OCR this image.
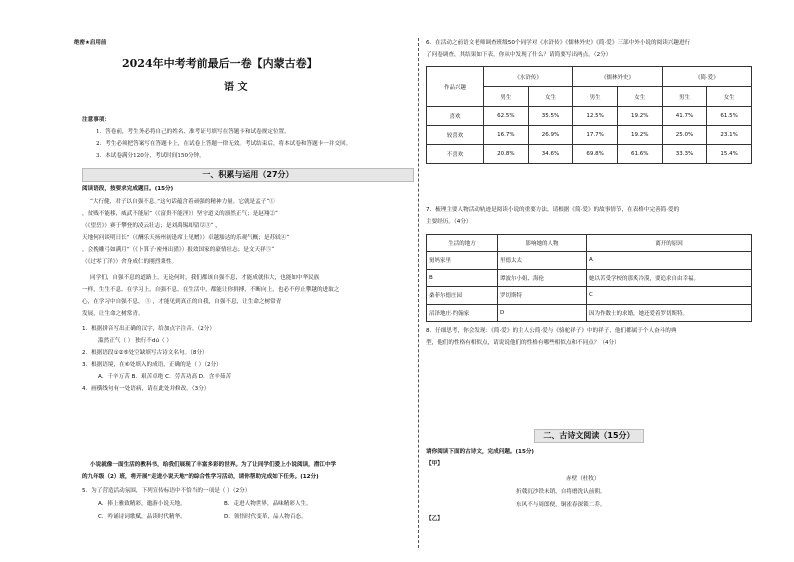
绝密★启用前
2024年中考考前最后一卷【内蒙古卷】
语 文
注意事项：
1．答卷前，考生务必将自己的姓名、准考证号填写在答题卡和试卷规定位置。
2．考生必须把答案写在答题卡上，在试卷上答题一律无效。考试结束后，将本试卷和答题卡一并交回。
3．本试卷满分120分，考试时间150分钟。
一、积累与运用（27分）
阅读语段，按要求完成题目。(15分)
“大行健，君子以自强不息。”这句话蕴含着顽强的精神力量。它就是孟子“①
，贫贱不能移，威武不能屈”（《富贵不能淫》）坚守道义的凛然正气；是赵翔②“
（《望岳》）赛于攀登的凌云壮志；是刘禹锡却留尽③“ ，
天地何问谈明日长”（《酬乐天扬州初逢席上见赠》）卓越豁达的乐观气概；是苏轼④“
，会挽雕弓如满月”（《卜算子·密州出猎》）报效国家的豪情壮志；是文天祥⑤“
（《过零丁洋》）舍身成仁的刚烈秉性。
同学们，自强不息的道路上，无论何时，我们都该自强不息，才能成就伟大，也能如中华民族
一样，生生不息。在学习上，自强不息，在生活中，都能让你拼搏，不断向上，也必不停止攀越的进取之
心，在学习中自强不息， ⑤ ，才能见到真正的自我，自强不息，让生命之树常青
发展，让生命之树常青。
1．根据拼音写出正确的汉字，给加点字注音。（2分）
滥然正气（ ） 独行不dú（ ）
2．根据语段①②⑤处空缺填写古诗文名句。（8分）
3．根据语境，在⑥处填入的成语，正确的是（ ）（2分）
A．千辛万苦 B．艰苦卓绝 C．劳苦功高 D．含辛茹苦
4．画横线句有一处语病，请在此处并修改。（3分）
小说就像一面生活的教科书，给我们展现了丰富多彩的世界。为了让同学们爱上小说阅读，潜江中学
的九年级（2）班，将开展“走进小说天地”的综合性学习活动，请你帮助完成如下任务。(12分)
5．为了营造活动氛围，下列宣传标语中不恰当的一项是（ ）（2分）
A．捧上雅致精彩，邀游小说天地。	B．走进人物世界，品味精彩人生。
C．吟诵诗词歌赋，品读时代精华。	D．领悟时代变革，品人物百态。
6．在活动之前语文老师调查班级50个同学对《水浒传》《儒林外史》《简·爱》三部中外小说的阅读兴趣进行
了问卷调查，其结果如下表，你从中发现了什么？请简要写出两点。（2分）
作品兴趣	《水浒传》		《儒林外史》		《简·爱》	
	男生	女生	男生	女生	男生	女生
喜欢	62.5%	35.5%	12.5%	19.2%	41.7%	61.5%
较喜欢	16.7%	26.9%	17.7%	19.2%	25.0%	23.1%
不喜欢	20.8%	34.6%	69.8%	61.6%	33.3%	15.4%
7．梳理主要人物活动轨迹是阅读小说的重要方法，请根据《简·爱》的故事情节，在表格中完善简·爱的
主要经历。（4分）
生活的地方	影响她的人物	离开的原因
舅妈家里	里德太太	A
B	谭波尔小姐、海伦	她以苦受学校的那炙冷漠，要追求自由幸福。
桑菲尔德庄园	罗切斯特	C
沼泽地庄·约翰家	D	因为作数士的求婚，她还爱着罗切斯特。
8．仔细思考，你会发现：《简·爱》的主人公简·爱与《骆驼祥子》中的祥子，他们都属于个人奋斗的典
型，他们的性格有相似点，请说说他们的性格有哪些相似点和不同点？（4分）
二、古诗文阅读（15分）
请你阅读下面的古诗文，完成问题。(15分)
【甲】
赤壁（杜牧）
折戟沉沙铁未销，自将磨洗认前朝。
东风不与周郎便，铜雀春深锁二乔。
【乙】
